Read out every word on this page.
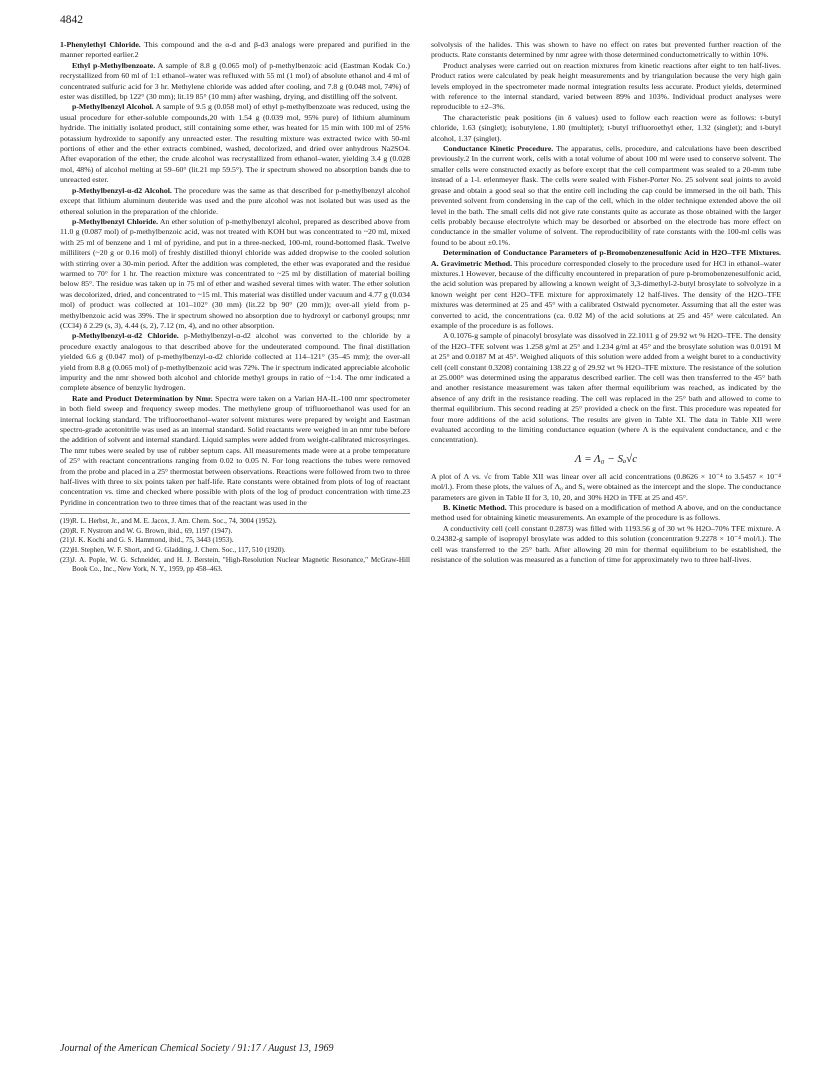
4842

1-Phenylethyl Chloride. This compound and the α-d and β-d3 analogs were prepared and purified in the manner reported earlier.2

Ethyl p-Methylbenzoate. A sample of 8.8 g (0.065 mol) of p-methylbenzoic acid (Eastman Kodak Co.) recrystallized from 60 ml of 1:1 ethanol–water was refluxed with 55 ml (1 mol) of absolute ethanol and 4 ml of concentrated sulfuric acid for 3 hr. Methylene chloride was added after cooling, and 7.8 g (0.048 mol, 74%) of ester was distilled, bp 122° (30 mm); lit.19 85° (10 mm) after washing, drying, and distilling off the solvent.

p-Methylbenzyl Alcohol. A sample of 9.5 g (0.058 mol) of ethyl p-methylbenzoate was reduced, using the usual procedure for ether-soluble compounds,20 with 1.54 g (0.039 mol, 95% pure) of lithium aluminum hydride. The initially isolated product, still containing some ether, was heated for 15 min with 100 ml of 25% potassium hydroxide to saponify any unreacted ester. The resulting mixture was extracted twice with 50-ml portions of ether and the ether extracts combined, washed, decolorized, and dried over anhydrous Na2SO4. After evaporation of the ether, the crude alcohol was recrystallized from ethanol–water, yielding 3.4 g (0.028 mol, 48%) of alcohol melting at 59–60° (lit.21 mp 59.5°). The ir spectrum showed no absorption bands due to unreacted ester.

p-Methylbenzyl-α-d2 Alcohol. The procedure was the same as that described for p-methylbenzyl alcohol except that lithium aluminum deuteride was used and the pure alcohol was not isolated but was used as the ethereal solution in the preparation of the chloride.

p-Methylbenzyl Chloride. An ether solution of p-methylbenzyl alcohol, prepared as described above from 11.0 g (0.087 mol) of p-methylbenzoic acid, was not treated with KOH but was concentrated to ~20 ml, mixed with 25 ml of benzene and 1 ml of pyridine, and put in a three-necked, 100-ml, round-bottomed flask. Twelve milliliters (~20 g or 0.16 mol) of freshly distilled thionyl chloride was added dropwise to the cooled solution with stirring over a 30-min period. After the addition was completed, the ether was evaporated and the residue warmed to 70° for 1 hr. The reaction mixture was concentrated to ~25 ml by distillation of material boiling below 85°. The residue was taken up in 75 ml of ether and washed several times with water. The ether solution was decolorized, dried, and concentrated to ~15 ml. This material was distilled under vacuum and 4.77 g (0.034 mol) of product was collected at 101–102° (30 mm) (lit.22 bp 90° (20 mm)); over-all yield from p-methylbenzoic acid was 39%. The ir spectrum showed no absorption due to hydroxyl or carbonyl groups; nmr (CCl4) δ 2.29 (s, 3), 4.44 (s, 2), 7.12 (m, 4), and no other absorption.

p-Methylbenzyl-α-d2 Chloride. p-Methylbenzyl-α-d2 alcohol was converted to the chloride by a procedure exactly analogous to that described above for the undeuterated compound. The final distillation yielded 6.6 g (0.047 mol) of p-methylbenzyl-α-d2 chloride collected at 114–121° (35–45 mm); the over-all yield from 8.8 g (0.065 mol) of p-methylbenzoic acid was 72%. The ir spectrum indicated appreciable alcoholic impurity and the nmr showed both alcohol and chloride methyl groups in ratio of ~1:4. The nmr indicated a complete absence of benzylic hydrogen.

Rate and Product Determination by Nmr. Spectra were taken on a Varian HA-IL-100 nmr spectrometer in both field sweep and frequency sweep modes. The methylene group of trifluoroethanol was used for an internal locking standard. The trifluoroethanol–water solvent mixtures were prepared by weight and Eastman spectro-grade acetonitrile was used as an internal standard. Solid reactants were weighed in an nmr tube before the addition of solvent and internal standard. Liquid samples were added from weight-calibrated microsyringes. The nmr tubes were sealed by use of rubber septum caps. All measurements made were at a probe temperature of 25° with reactant concentrations ranging from 0.02 to 0.05 N. For long reactions the tubes were removed from the probe and placed in a 25° thermostat between observations. Reactions were followed from two to three half-lives with three to six points taken per half-life. Rate constants were obtained from plots of log of reactant concentration vs. time and checked where possible with plots of the log of product concentration with time.23 Pyridine in concentration two to three times that of the reactant was used in the

(19) R. L. Herbst, Jr., and M. E. Jacox, J. Am. Chem. Soc., 74, 3004 (1952).

(20) R. F. Nystrom and W. G. Brown, ibid., 69, 1197 (1947).

(21) J. K. Kochi and G. S. Hammond, ibid., 75, 3443 (1953).

(22) H. Stephen, W. F. Short, and G. Gladding, J. Chem. Soc., 117, 510 (1920).

(23) J. A. Pople, W. G. Schneider, and H. J. Berstein, "High-Resolution Nuclear Magnetic Resonance," McGraw-Hill Book Co., Inc., New York, N. Y., 1959, pp 458–463.

solvolysis of the halides. This was shown to have no effect on rates but prevented further reaction of the products. Rate constants determined by nmr agree with those determined conductometrically to within 10%.

Product analyses were carried out on reaction mixtures from kinetic reactions after eight to ten half-lives. Product ratios were calculated by peak height measurements and by triangulation because the very high gain levels employed in the spectrometer made normal integration results less accurate. Product yields, determined with reference to the internal standard, varied between 89% and 103%. Individual product analyses were reproducible to ±2–3%.

The characteristic peak positions (in δ values) used to follow each reaction were as follows: t-butyl chloride, 1.63 (singlet); isobutylene, 1.80 (multiplet); t-butyl trifluoroethyl ether, 1.32 (singlet); and t-butyl alcohol, 1.37 (singlet).

Conductance Kinetic Procedure. The apparatus, cells, procedure, and calculations have been described previously.2 In the current work, cells with a total volume of about 100 ml were used to conserve solvent. The smaller cells were constructed exactly as before except that the cell compartment was sealed to a 20-mm tube instead of a 1-l. erlenmeyer flask. The cells were sealed with Fisher-Porter No. 25 solvent seal joints to avoid grease and obtain a good seal so that the entire cell including the cap could be immersed in the oil bath. This prevented solvent from condensing in the cap of the cell, which in the older technique extended above the oil level in the bath. The small cells did not give rate constants quite as accurate as those obtained with the larger cells probably because electrolyte which may be desorbed or absorbed on the electrode has more effect on conductance in the smaller volume of solvent. The reproducibility of rate constants with the 100-ml cells was found to be about ±0.1%.

Determination of Conductance Parameters of p-Bromobenzenesulfonic Acid in H2O–TFE Mixtures. A. Gravimetric Method. This procedure corresponded closely to the procedure used for HCl in ethanol–water mixtures.1 However, because of the difficulty encountered in preparation of pure p-bromobenzenesulfonic acid, the acid solution was prepared by allowing a known weight of 3,3-dimethyl-2-butyl brosylate to solvolyze in a known weight per cent H2O–TFE mixture for approximately 12 half-lives. The density of the H2O–TFE mixtures was determined at 25 and 45° with a calibrated Ostwald pycnometer. Assuming that all the ester was converted to acid, the concentrations (ca. 0.02 M) of the acid solutions at 25 and 45° were calculated. An example of the procedure is as follows.

A 0.1076-g sample of pinacolyl brosylate was dissolved in 22.1011 g of 29.92 wt % H2O–TFE. The density of the H2O–TFE solvent was 1.258 g/ml at 25° and 1.234 g/ml at 45° and the brosylate solution was 0.0191 M at 25° and 0.0187 M at 45°. Weighed aliquots of this solution were added from a weight buret to a conductivity cell (cell constant 0.3208) containing 138.22 g of 29.92 wt % H2O–TFE mixture. The resistance of the solution at 25.000° was determined using the apparatus described earlier. The cell was then transferred to the 45° bath and another resistance measurement was taken after thermal equilibrium was reached, as indicated by the absence of any drift in the resistance reading. The cell was replaced in the 25° bath and allowed to come to thermal equilibrium. This second reading at 25° provided a check on the first. This procedure was repeated for four more additions of the acid solutions. The results are given in Table XI. The data in Table XII were evaluated according to the limiting conductance equation (where Λ is the equivalent conductance, and c the concentration).

Λ = Λ₀ − Sₐ√c

A plot of Λ vs. √c from Table XII was linear over all acid concentrations (0.8626 × 10⁻⁴ to 3.5457 × 10⁻⁴ mol/l.). From these plots, the values of Λ₀ and Sₐ were obtained as the intercept and the slope. The conductance parameters are given in Table II for 3, 10, 20, and 30% H2O in TFE at 25 and 45°.

B. Kinetic Method. This procedure is based on a modification of method A above, and on the conductance method used for obtaining kinetic measurements. An example of the procedure is as follows.

A conductivity cell (cell constant 0.2873) was filled with 1193.56 g of 30 wt % H2O–70% TFE mixture. A 0.24382-g sample of isopropyl brosylate was added to this solution (concentration 9.2278 × 10⁻⁴ mol/l.). The cell was transferred to the 25° bath. After allowing 20 min for thermal equilibrium to be established, the resistance of the solution was measured as a function of time for approximately two to three half-lives.

Journal of the American Chemical Society / 91:17 / August 13, 1969
